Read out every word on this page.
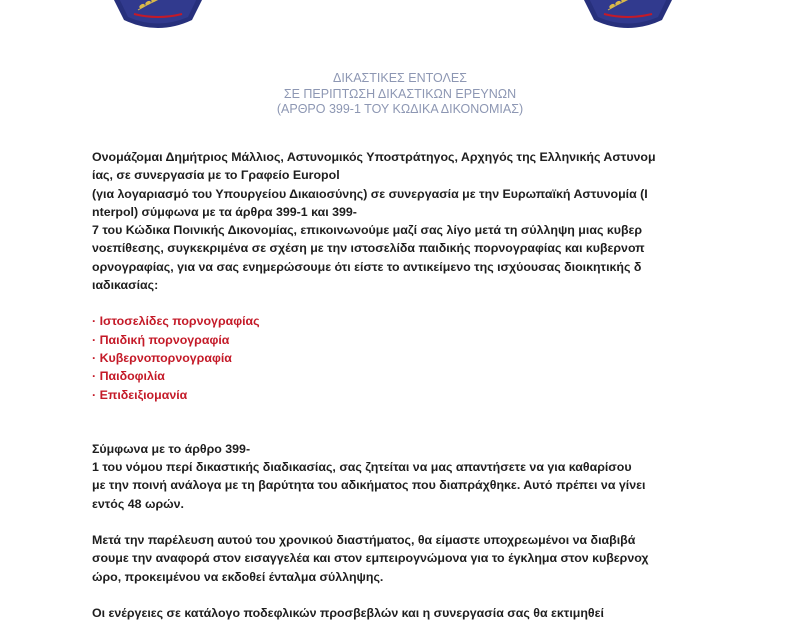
ΔΙΚΑΣΤΙΚΕΣ ΕΝΤΟΛΕΣ
ΣΕ ΠΕΡΙΠΤΩΣΗ ΔΙΚΑΣΤΙΚΩΝ ΕΡΕΥΝΩΝ
(ΑΡΘΡΟ 399-1 ΤΟΥ ΚΩΔΙΚΑ ΔΙΚΟΝΟΜΙΑΣ)

Ονομάζομαι Δημήτριος Μάλλιος, Αστυνομικός Υποστράτηγος, Αρχηγός της Ελληνικής Αστυνομ
ίας, σε συνεργασία με το Γραφείο Europol
(για λογαριασμό του Υπουργείου Δικαιοσύνης) σε συνεργασία με την Ευρωπαϊκή Αστυνομία (I
nterpol) σύμφωνα με τα άρθρα 399-1 και 399-
7 του Κώδικα Ποινικής Δικονομίας, επικοινωνούμε μαζί σας λίγο μετά τη σύλληψη μιας κυβερ
νοεπίθεσης, συγκεκριμένα σε σχέση με την ιστοσελίδα παιδικής πορνογραφίας και κυβερνοπ
ορνογραφίας, για να σας ενημερώσουμε ότι είστε το αντικείμενο της ισχύουσας διοικητικής δ
ιαδικασίας:

· Ιστοσελίδες πορνογραφίας
· Παιδική πορνογραφία
· Κυβερνοπορνογραφία
· Παιδοφιλία
· Επιδειξιομανία

Σύμφωνα με το άρθρο 399-
1 του νόμου περί δικαστικής διαδικασίας, σας ζητείται να μας απαντήσετε να για καθαρίσου
με την ποινή ανάλογα με τη βαρύτητα του αδικήματος που διαπράχθηκε. Αυτό πρέπει να γίνει
εντός 48 ωρών.

Μετά την παρέλευση αυτού του χρονικού διαστήματος, θα είμαστε υποχρεωμένοι να διαβιβά
σουμε την αναφορά στον εισαγγελέα και στον εμπειρογνώμονα για το έγκλημα στον κυβερνοχ
ώρο, προκειμένου να εκδοθεί ένταλμα σύλληψης.

Οι ενέργειες σε κατάλογο ποδεφλικών προσβεβλών και η συνεργασία σας θα εκτιμηθεί
